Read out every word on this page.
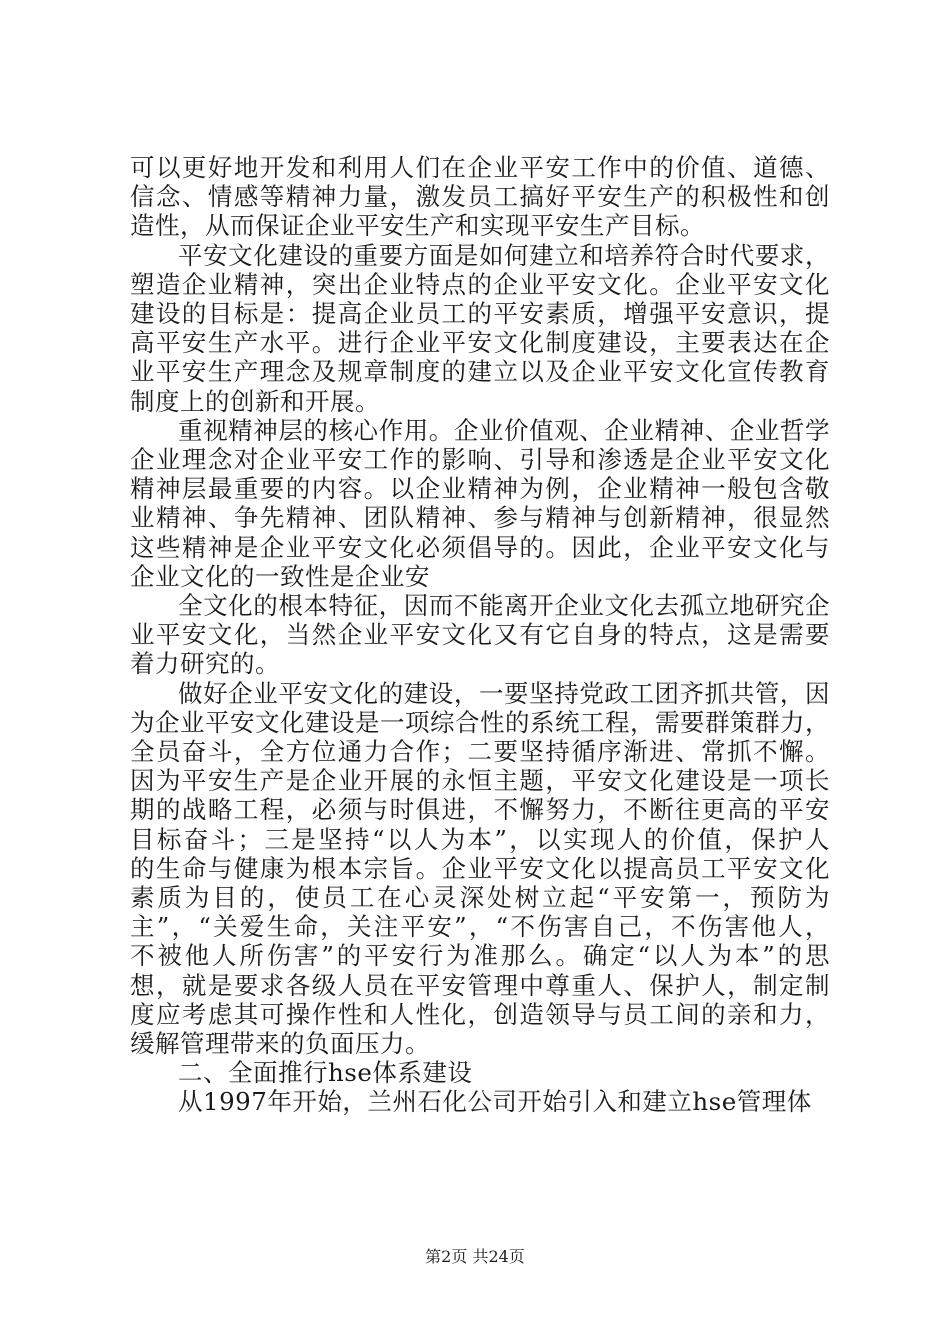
可以更好地开发和利用人们在企业平安工作中的价值、道德、
信念、情感等精神力量，激发员工搞好平安生产的积极性和创
造性，从而保证企业平安生产和实现平安生产目标。
平安文化建设的重要方面是如何建立和培养符合时代要求，
塑造企业精神，突出企业特点的企业平安文化。企业平安文化
建设的目标是：提高企业员工的平安素质，增强平安意识，提
高平安生产水平。进行企业平安文化制度建设，主要表达在企
业平安生产理念及规章制度的建立以及企业平安文化宣传教育
制度上的创新和开展。
重视精神层的核心作用。企业价值观、企业精神、企业哲学
企业理念对企业平安工作的影响、引导和渗透是企业平安文化
精神层最重要的内容。以企业精神为例，企业精神一般包含敬
业精神、争先精神、团队精神、参与精神与创新精神，很显然
这些精神是企业平安文化必须倡导的。因此，企业平安文化与
企业文化的一致性是企业安
全文化的根本特征，因而不能离开企业文化去孤立地研究企
业平安文化，当然企业平安文化又有它自身的特点，这是需要
着力研究的。
做好企业平安文化的建设，一要坚持党政工团齐抓共管，因
为企业平安文化建设是一项综合性的系统工程，需要群策群力，
全员奋斗，全方位通力合作；二要坚持循序渐进、常抓不懈。
因为平安生产是企业开展的永恒主题，平安文化建设是一项长
期的战略工程，必须与时俱进，不懈努力，不断往更高的平安
目标奋斗；三是坚持“以人为本”，以实现人的价值，保护人
的生命与健康为根本宗旨。企业平安文化以提高员工平安文化
素质为目的，使员工在心灵深处树立起“平安第一，预防为
主”，“关爱生命，关注平安”，“不伤害自己，不伤害他人，
不被他人所伤害”的平安行为准那么。确定“以人为本”的思
想，就是要求各级人员在平安管理中尊重人、保护人，制定制
度应考虑其可操作性和人性化，创造领导与员工间的亲和力，
缓解管理带来的负面压力。
二、全面推行hse体系建设
从1997年开始，兰州石化公司开始引入和建立hse管理体
第2页 共24页
